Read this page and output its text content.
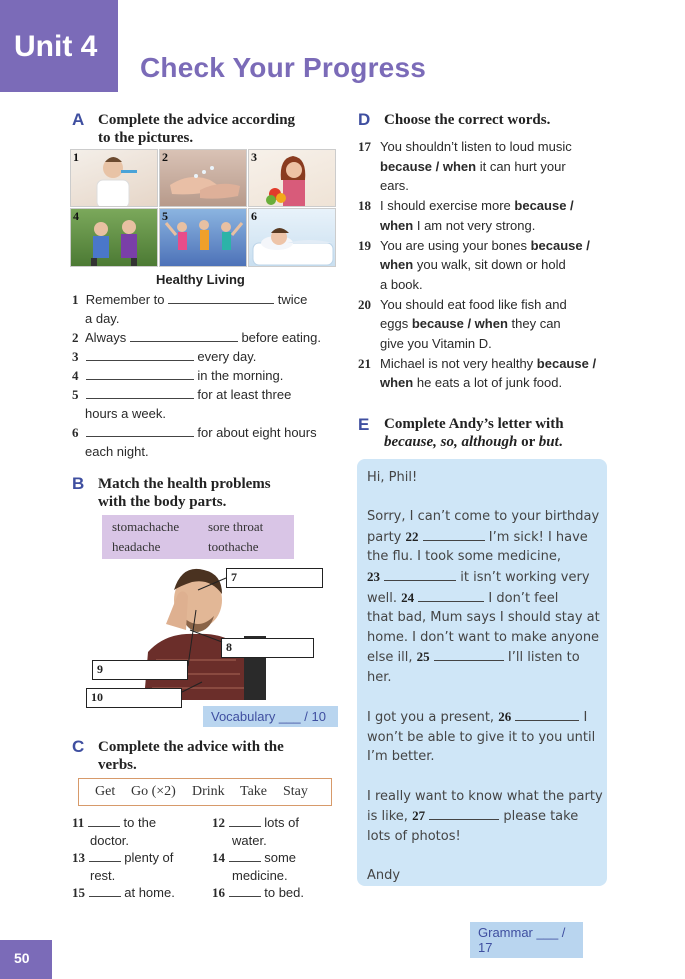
Unit 4
Check Your Progress
A Complete the advice according
to the pictures.
1	2	3
4	5	6
Healthy Living
1 Remember to	twice
a day.
2 Always	before eating.
3	every day.
4	in the morning.
5	for at least three
hours a week.
6	for about eight hours
each night.
B Match the health problems
with the body parts.
stomachache sore throat
headache	toothache
7
8
9
10
Vocabulary ___ / 10
C Complete the advice with the
verbs.
Get Go (×2) Drink Take Stay
11	to the
doctor.
13	plenty of
rest.
15	at home.
12	lots of
water.
14	some
medicine.
16	to bed.
D Choose the correct words.
17 You shouldn’t listen to loud music
because / when it can hurt your
ears.
18 I should exercise more because /
when I am not very strong.
19 You are using your bones because /
when you walk, sit down or hold
a book.
20 You should eat food like fish and
eggs because / when they can
give you Vitamin D.
21 Michael is not very healthy because /
when he eats a lot of junk food.
E Complete Andy’s letter with
because, so, although or but.
Hi, Phil!
Sorry, I can’t come to your birthday
party 22	I’m sick! I have
the flu. I took some medicine,
23	it isn’t working very
well. 24	I don’t feel
that bad, Mum says I should stay at
home. I don’t want to make anyone
else ill, 25	I’ll listen to
her.
I got you a present, 26	I
won’t be able to give it to you until
I’m better.
I really want to know what the party
is like, 27	please take
lots of photos!
Andy
Grammar ___ / 17
50
